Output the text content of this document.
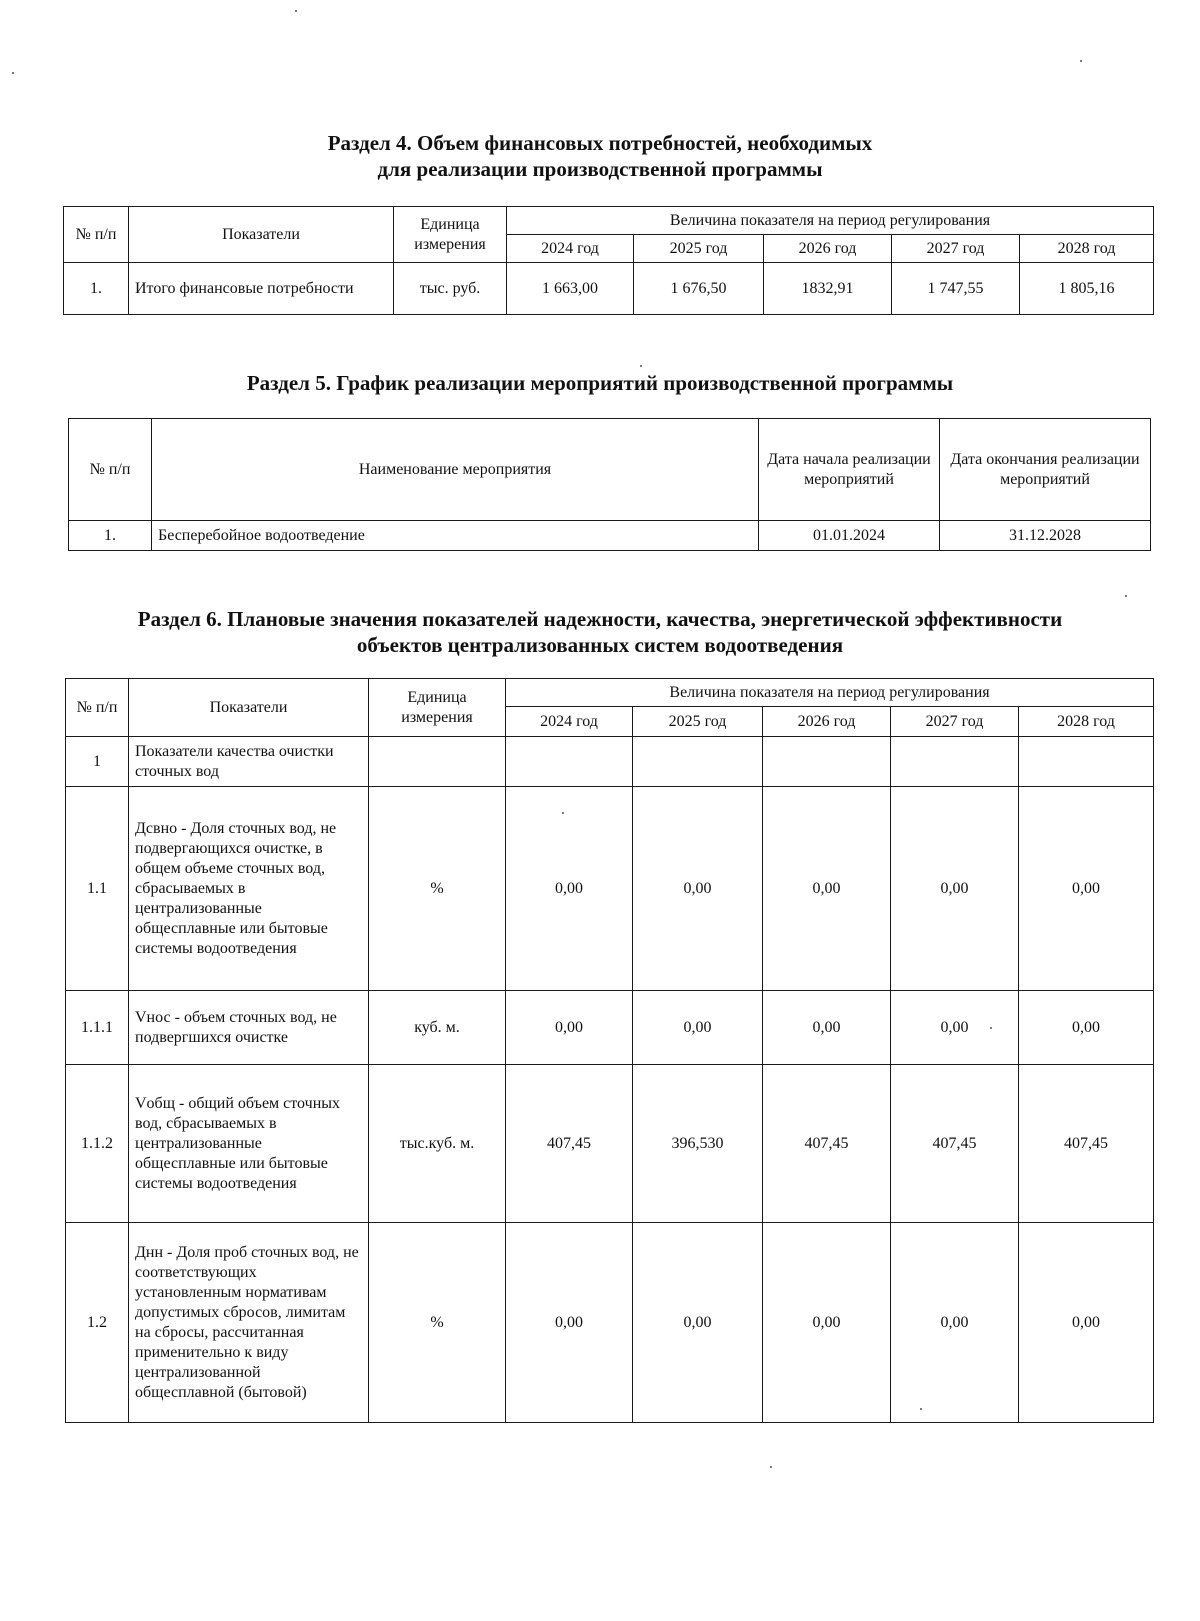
Раздел 4. Объем финансовых потребностей, необходимых
для реализации производственной программы
№ п/п	Показатели	Единица измерения	Величина показателя на период регулирования				
			2024 год	2025 год	2026 год	2027 год	2028 год
1.	Итого финансовые потребности	тыс. руб.	1 663,00	1 676,50	1832,91	1 747,55	1 805,16
Раздел 5. График реализации мероприятий производственной программы
№ п/п	Наименование мероприятия	Дата начала реализации мероприятий	Дата окончания реализации мероприятий
1.	Бесперебойное водоотведение	01.01.2024	31.12.2028
Раздел 6. Плановые значения показателей надежности, качества, энергетической эффективности
объектов централизованных систем водоотведения
№ п/п	Показатели	Единица измерения	Величина показателя на период регулирования				
			2024 год	2025 год	2026 год	2027 год	2028 год
1	Показатели качества очистки сточных вод						
1.1	Дсвно - Доля сточных вод, не подвергающихся очистке, в общем объеме сточных вод, сбрасываемых в централизованные общесплавные или бытовые системы водоотведения	%	0,00	0,00	0,00	0,00	0,00
1.1.1	Vнос - объем сточных вод, не подвергшихся очистке	куб. м.	0,00	0,00	0,00	0,00	0,00
1.1.2	Vобщ - общий объем сточных вод, сбрасываемых в централизованные общесплавные или бытовые системы водоотведения	тыс.куб. м.	407,45	396,530	407,45	407,45	407,45
1.2	Днн - Доля проб сточных вод, не соответствующих установленным нормативам допустимых сбросов, лимитам на сбросы, рассчитанная применительно к виду централизованной общесплавной (бытовой)	%	0,00	0,00	0,00	0,00	0,00
